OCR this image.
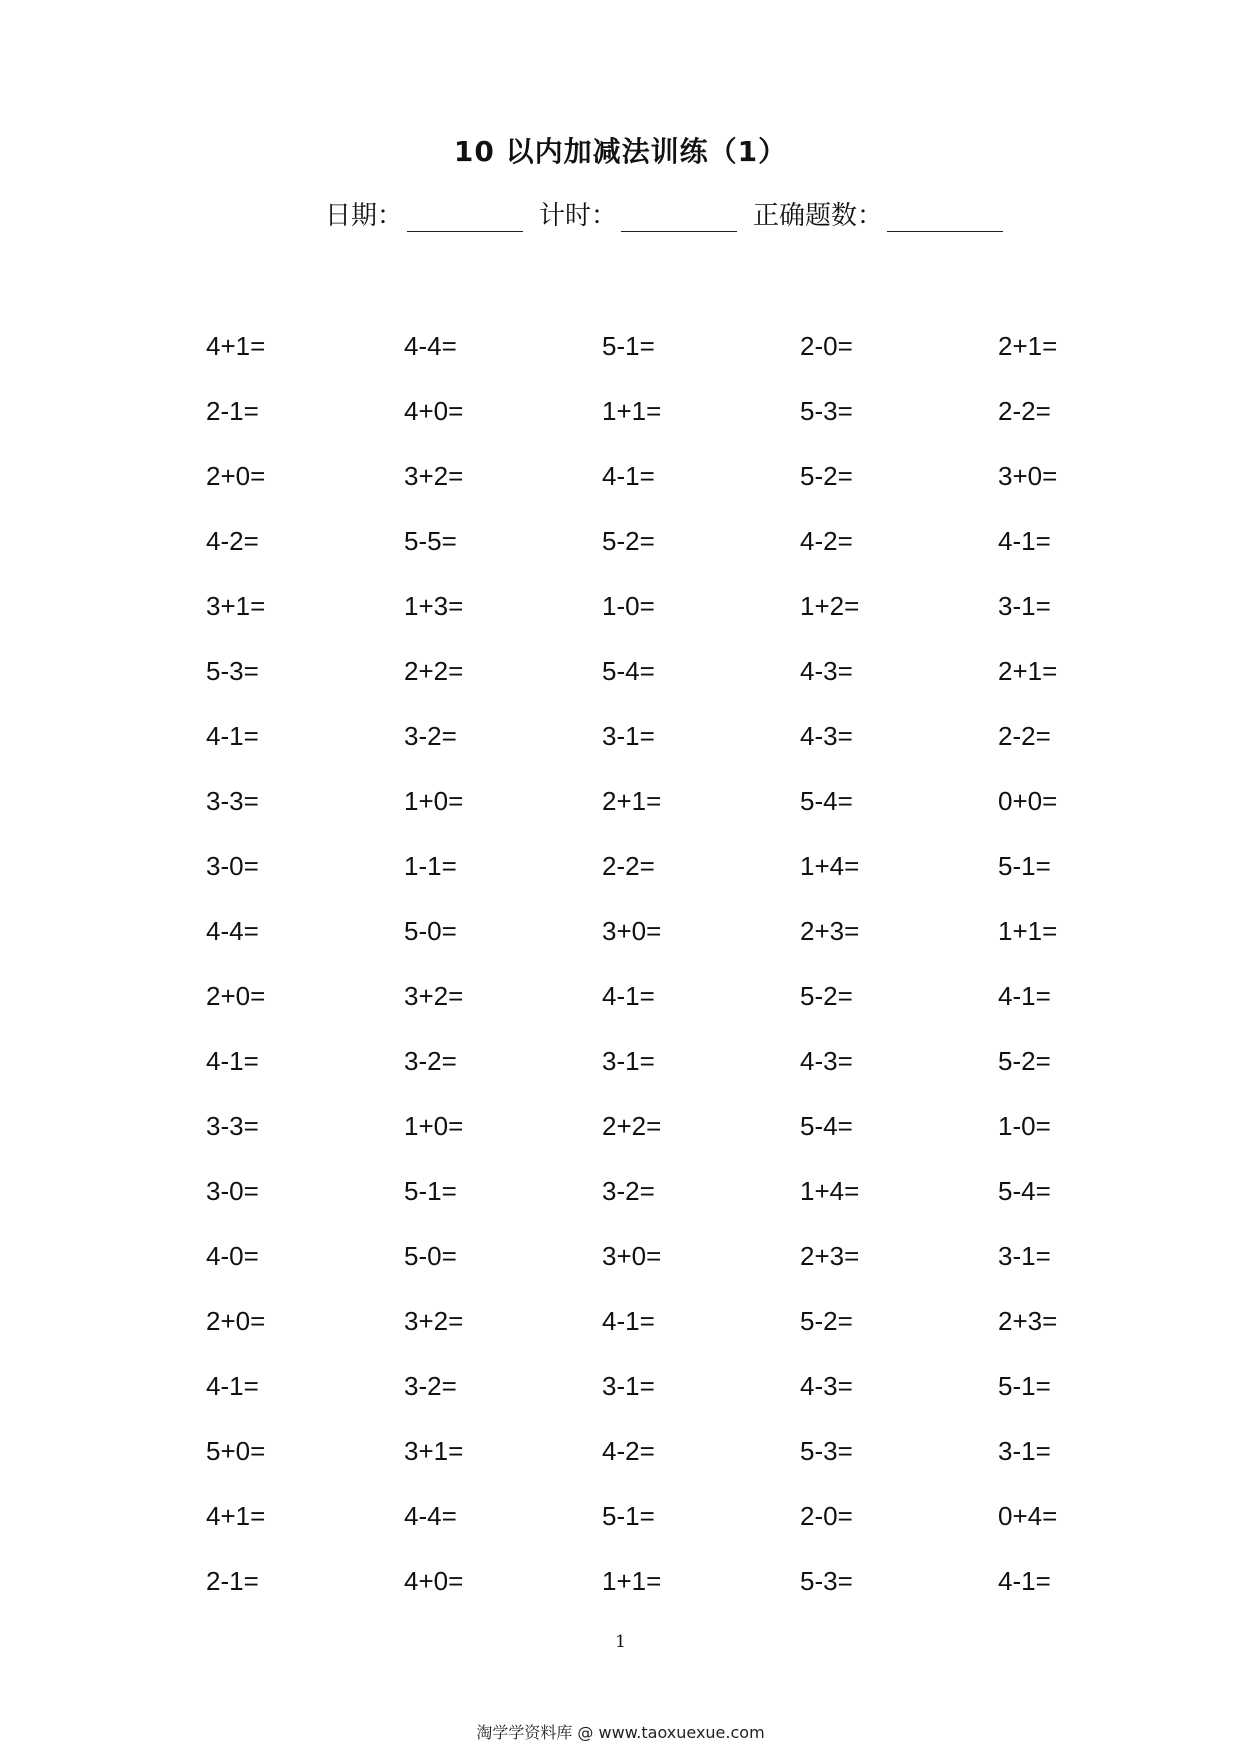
10 以内加减法训练（1）
日期：	计时：	正确题数：
4+1=	4-4=	5-1=	2-0=	2+1=
2-1=	4+0=	1+1=	5-3=	2-2=
2+0=	3+2=	4-1=	5-2=	3+0=
4-2=	5-5=	5-2=	4-2=	4-1=
3+1=	1+3=	1-0=	1+2=	3-1=
5-3=	2+2=	5-4=	4-3=	2+1=
4-1=	3-2=	3-1=	4-3=	2-2=
3-3=	1+0=	2+1=	5-4=	0+0=
3-0=	1-1=	2-2=	1+4=	5-1=
4-4=	5-0=	3+0=	2+3=	1+1=
2+0=	3+2=	4-1=	5-2=	4-1=
4-1=	3-2=	3-1=	4-3=	5-2=
3-3=	1+0=	2+2=	5-4=	1-0=
3-0=	5-1=	3-2=	1+4=	5-4=
4-0=	5-0=	3+0=	2+3=	3-1=
2+0=	3+2=	4-1=	5-2=	2+3=
4-1=	3-2=	3-1=	4-3=	5-1=
5+0=	3+1=	4-2=	5-3=	3-1=
4+1=	4-4=	5-1=	2-0=	0+4=
2-1=	4+0=	1+1=	5-3=	4-1=
1
淘学学资料库 @ www.taoxuexue.com
